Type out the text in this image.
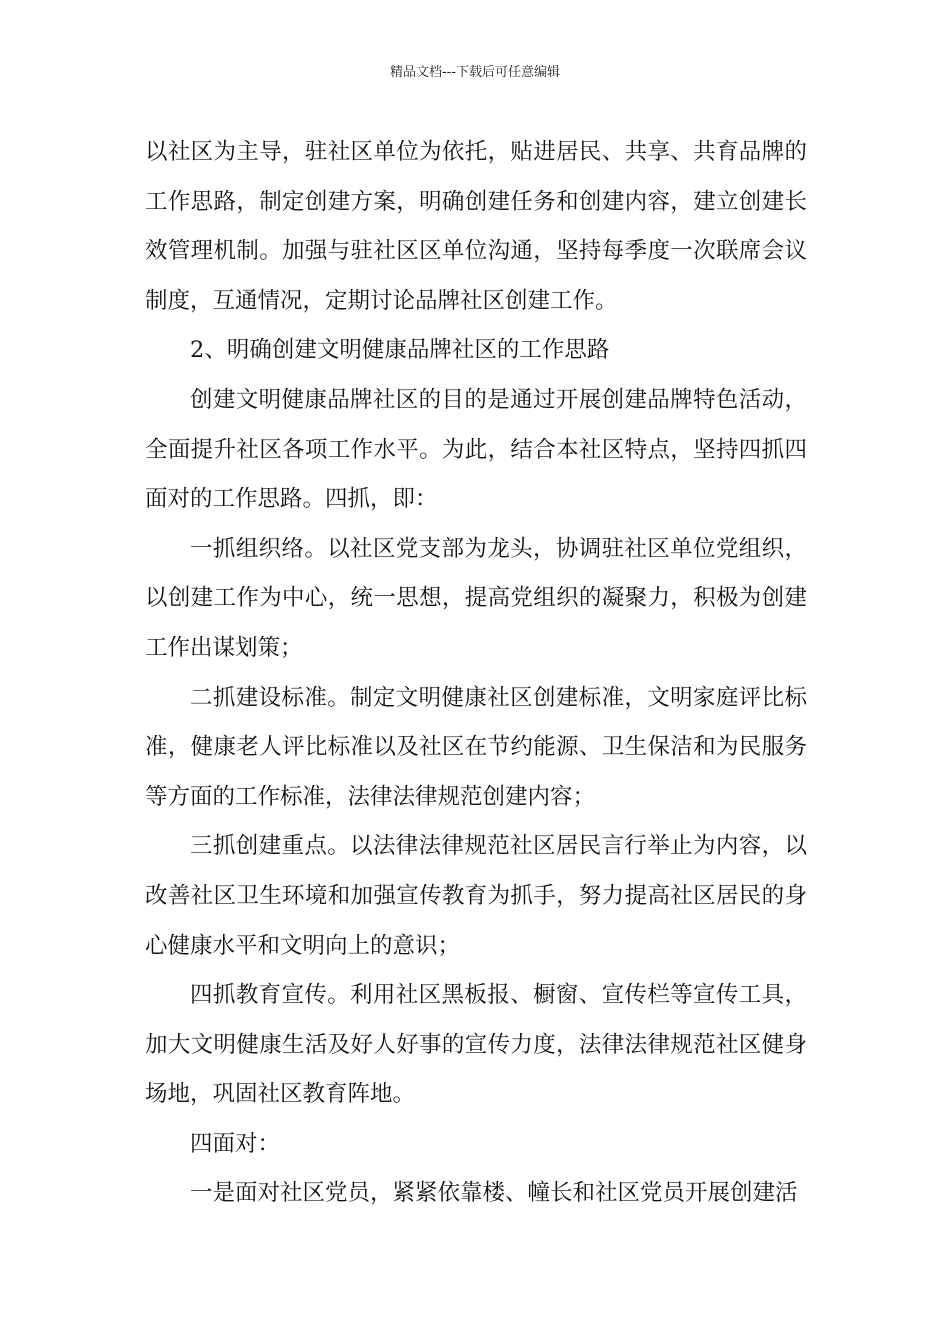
精品文档---下载后可任意编辑

以社区为主导，驻社区单位为依托，贴进居民、共享、共育品牌的工作思路，制定创建方案，明确创建任务和创建内容，建立创建长效管理机制。加强与驻社区区单位沟通，坚持每季度一次联席会议制度，互通情况，定期讨论品牌社区创建工作。

2、明确创建文明健康品牌社区的工作思路

创建文明健康品牌社区的目的是通过开展创建品牌特色活动，全面提升社区各项工作水平。为此，结合本社区特点，坚持四抓四面对的工作思路。四抓，即：

一抓组织络。以社区党支部为龙头，协调驻社区单位党组织，以创建工作为中心，统一思想，提高党组织的凝聚力，积极为创建工作出谋划策；

二抓建设标准。制定文明健康社区创建标准，文明家庭评比标准，健康老人评比标准以及社区在节约能源、卫生保洁和为民服务等方面的工作标准，法律法律规范创建内容；

三抓创建重点。以法律法律规范社区居民言行举止为内容，以改善社区卫生环境和加强宣传教育为抓手，努力提高社区居民的身心健康水平和文明向上的意识；

四抓教育宣传。利用社区黑板报、橱窗、宣传栏等宣传工具，加大文明健康生活及好人好事的宣传力度，法律法律规范社区健身场地，巩固社区教育阵地。

四面对：

一是面对社区党员，紧紧依靠楼、幢长和社区党员开展创建活
